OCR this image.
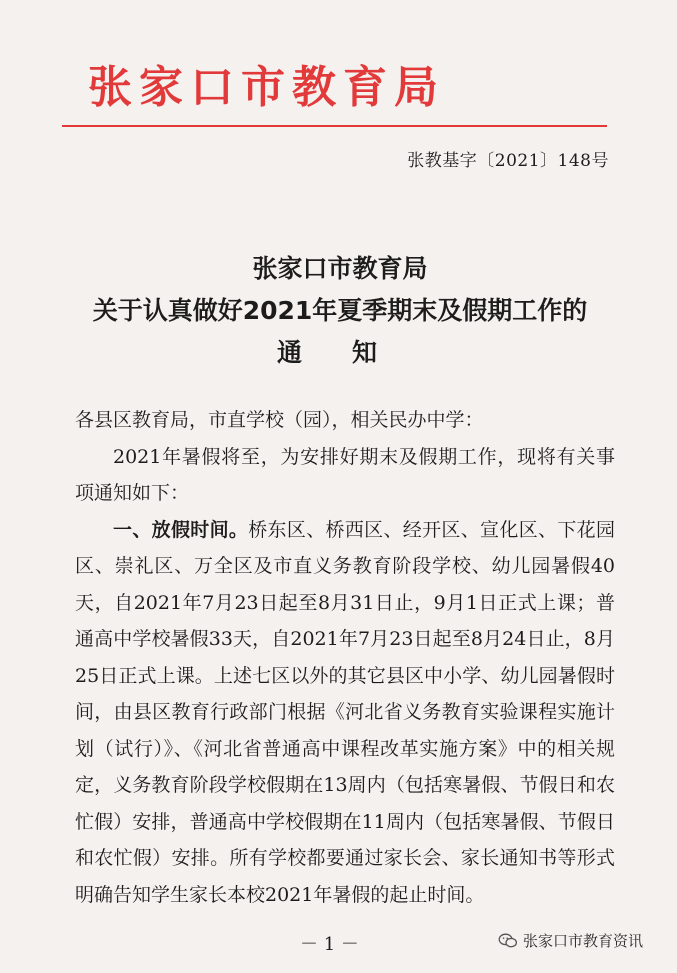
张家口市教育局
张教基字〔2021〕148号
张家口市教育局
关于认真做好2021年夏季期末及假期工作的
通知

各县区教育局，市直学校（园），相关民办中学：

2021年暑假将至，为安排好期末及假期工作，现将有关事项通知如下：

一、放假时间。桥东区、桥西区、经开区、宣化区、下花园区、崇礼区、万全区及市直义务教育阶段学校、幼儿园暑假40天，自2021年7月23日起至8月31日止，9月1日正式上课；普通高中学校暑假33天，自2021年7月23日起至8月24日止，8月25日正式上课。上述七区以外的其它县区中小学、幼儿园暑假时间，由县区教育行政部门根据《河北省义务教育实验课程实施计划（试行）》、《河北省普通高中课程改革实施方案》中的相关规定，义务教育阶段学校假期在13周内（包括寒暑假、节假日和农忙假）安排，普通高中学校假期在11周内（包括寒暑假、节假日和农忙假）安排。所有学校都要通过家长会、家长通知书等形式明确告知学生家长本校2021年暑假的起止时间。

－ 1 －	张家口市教育资讯
